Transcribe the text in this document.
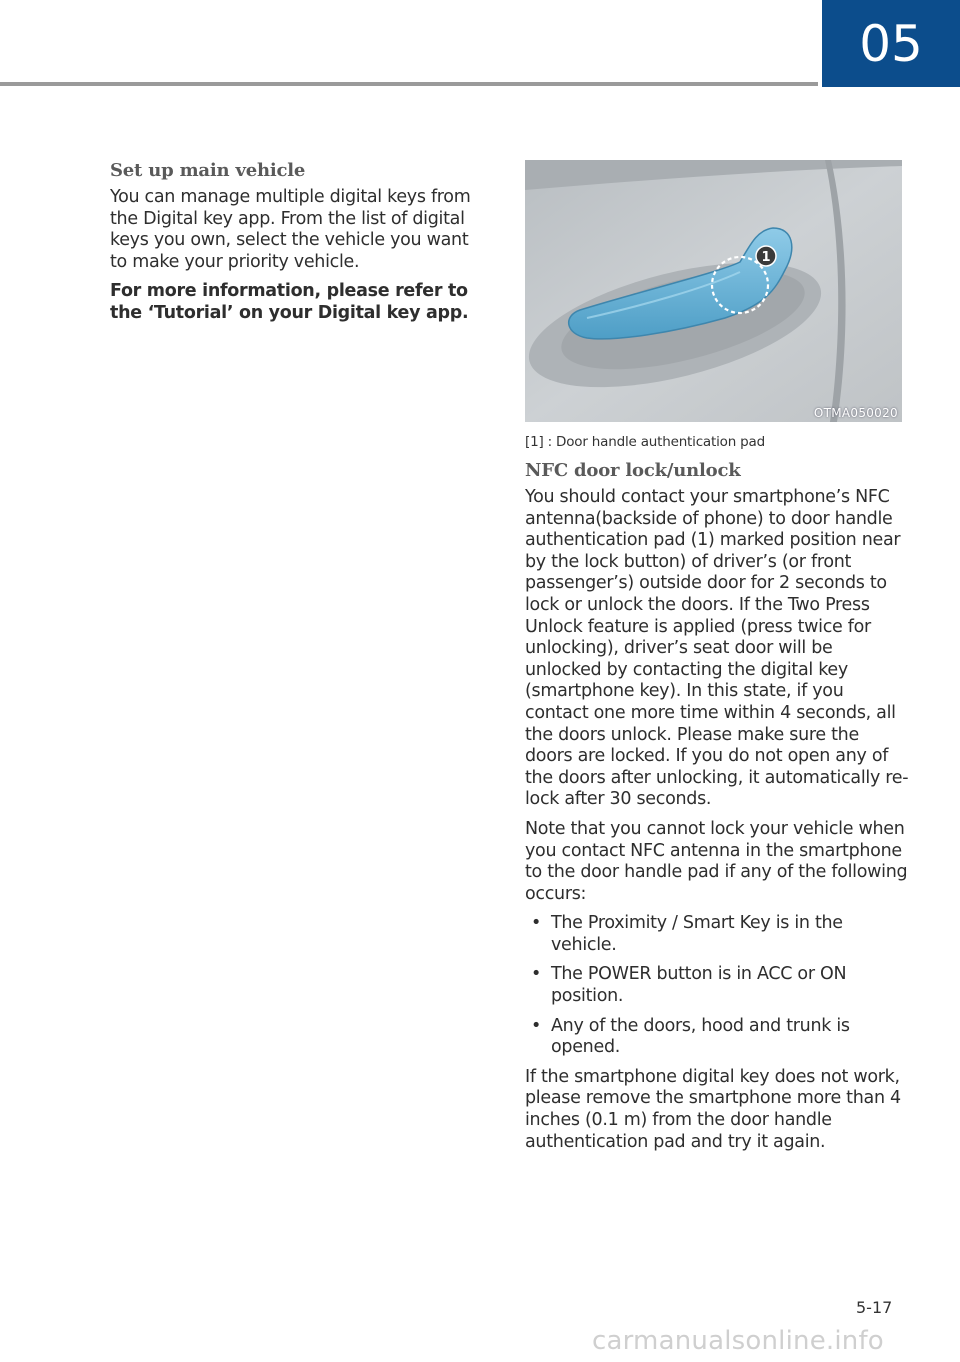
05
Set up main vehicle

You can manage multiple digital keys from the Digital key app. From the list of digital keys you own, select the vehicle you want to make your priority vehicle.

For more information, please refer to the ‘Tutorial’ on your Digital key app.

1
OTMA050020
[1] : Door handle authentication pad
NFC door lock/unlock

You should contact your smartphone’s NFC antenna(backside of phone) to door handle authentication pad (1) marked position near by the lock button) of driver’s (or front passenger’s) outside door for 2 seconds to lock or unlock the doors. If the Two Press Unlock feature is applied (press twice for unlocking), driver’s seat door will be unlocked by contacting the digital key (smartphone key). In this state, if you contact one more time within 4 seconds, all the doors unlock. Please make sure the doors are locked. If you do not open any of the doors after unlocking, it automatically re-lock after 30 seconds.

Note that you cannot lock your vehicle when you contact NFC antenna in the smartphone to the door handle pad if any of the following occurs:

• The Proximity / Smart Key is in the vehicle.
• The POWER button is in ACC or ON position.
• Any of the doors, hood and trunk is opened.

If the smartphone digital key does not work, please remove the smartphone more than 4 inches (0.1 m) from the door handle authentication pad and try it again.

5-17
carmanualsonline.info
